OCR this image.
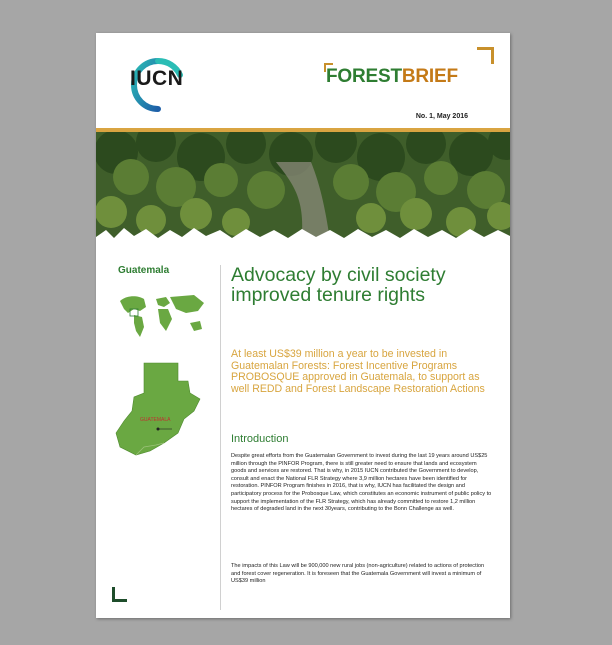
IUCN	FORESTBRIEF
No. 1, May 2016
Guatemala
GUATEMALA
Advocacy by civil society improved tenure rights
At least US$39 million a year to be invested in Guatemalan Forests: Forest Incentive Programs PROBOSQUE approved in Guatemala, to support as well REDD and Forest Landscape Restoration Actions
Introduction

Despite great efforts from the Guatemalan Government to invest during the last 19 years around US$25 million through the PINFOR Program, there is still greater need to ensure that lands and ecosystem goods and services are restored. That is why, in 2015 IUCN contributed the Government to develop, consult and enact the National FLR Strategy where 3,9 million hectares have been identified for restoration. PINFOR Program finishes in 2016, that is why, IUCN has facilitated the design and participatory process for the Probosque Law, which constitutes an economic instrument of public policy to support the implementation of the FLR Strategy, which has already committed to restore 1,2 million hectares of degraded land in the next 30years, contributing to the Bonn Challenge as well.

The impacts of this Law will be 900,000 new rural jobs (non-agriculture) related to actions of protection and forest cover regeneration. It is foreseen that the Guatemala Government will invest a minimum of US$39 million
